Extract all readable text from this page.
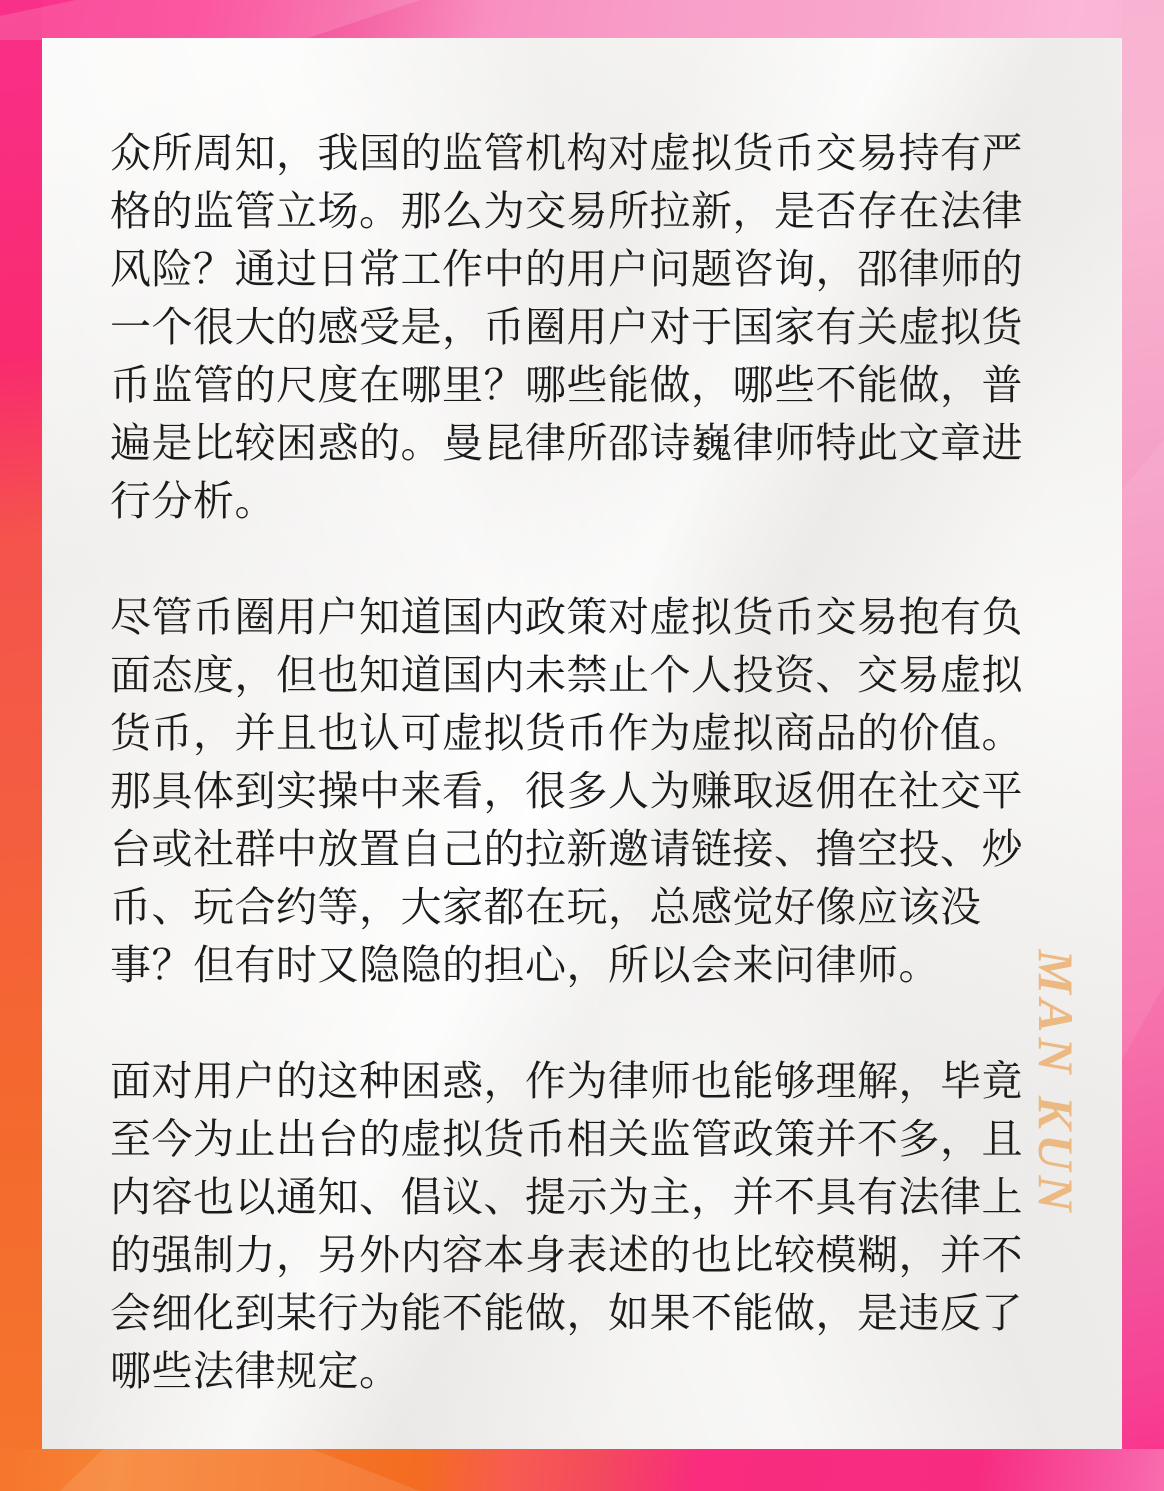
众所周知，我国的监管机构对虚拟货币交易持有严
格的监管立场。那么为交易所拉新，是否存在法律
风险？通过日常工作中的用户问题咨询，邵律师的
一个很大的感受是，币圈用户对于国家有关虚拟货
币监管的尺度在哪里？哪些能做，哪些不能做，普
遍是比较困惑的。曼昆律所邵诗巍律师特此文章进
行分析。

尽管币圈用户知道国内政策对虚拟货币交易抱有负
面态度，但也知道国内未禁止个人投资、交易虚拟
货币，并且也认可虚拟货币作为虚拟商品的价值。
那具体到实操中来看，很多人为赚取返佣在社交平
台或社群中放置自己的拉新邀请链接、撸空投、炒
币、玩合约等，大家都在玩，总感觉好像应该没
事？但有时又隐隐的担心，所以会来问律师。

面对用户的这种困惑，作为律师也能够理解，毕竟
至今为止出台的虚拟货币相关监管政策并不多，且
内容也以通知、倡议、提示为主，并不具有法律上
的强制力，另外内容本身表述的也比较模糊，并不
会细化到某行为能不能做，如果不能做，是违反了
哪些法律规定。

MAN KUN
